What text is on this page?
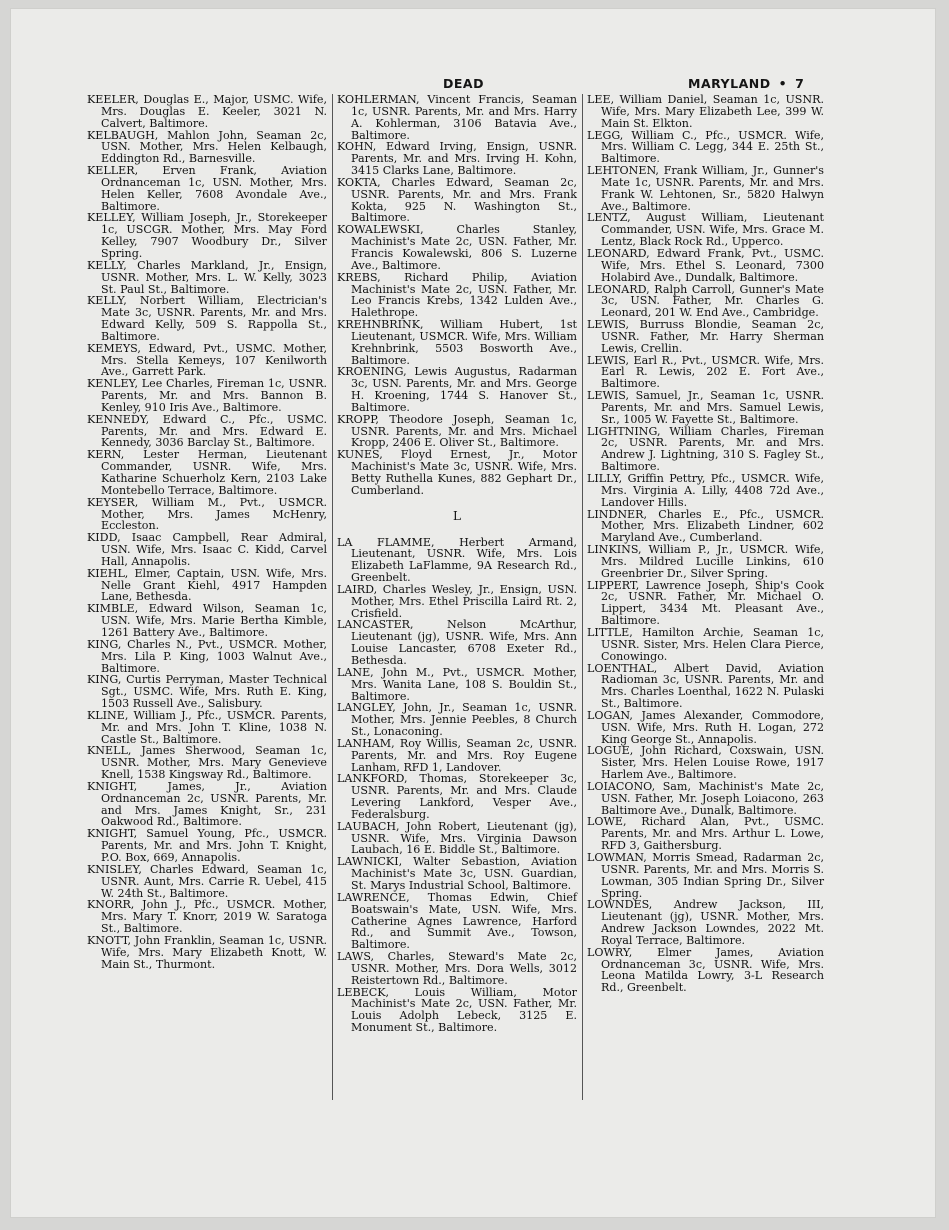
DEAD	MARYLAND • 7
KEELER, Douglas E., Major, USMC. Wife, Mrs. Douglas E. Keeler, 3021 N. Calvert, Baltimore.
KELBAUGH, Mahlon John, Seaman 2c, USN. Mother, Mrs. Helen Kelbaugh, Eddington Rd., Barnesville.
KELLER, Erven Frank, Aviation Ordnanceman 1c, USN. Mother, Mrs. Helen Keller, 7608 Avondale Ave., Baltimore.
KELLEY, William Joseph, Jr., Storekeeper 1c, USCGR. Mother, Mrs. May Ford Kelley, 7907 Woodbury Dr., Silver Spring.
KELLY, Charles Markland, Jr., Ensign, USNR. Mother, Mrs. L. W. Kelly, 3023 St. Paul St., Baltimore.
KELLY, Norbert William, Electrician's Mate 3c, USNR. Parents, Mr. and Mrs. Edward Kelly, 509 S. Rappolla St., Baltimore.
KEMEYS, Edward, Pvt., USMC. Mother, Mrs. Stella Kemeys, 107 Kenilworth Ave., Garrett Park.
KENLEY, Lee Charles, Fireman 1c, USNR. Parents, Mr. and Mrs. Bannon B. Kenley, 910 Iris Ave., Baltimore.
KENNEDY, Edward C., Pfc., USMC. Parents, Mr. and Mrs. Edward E. Kennedy, 3036 Barclay St., Baltimore.
KERN, Lester Herman, Lieutenant Commander, USNR. Wife, Mrs. Katharine Schuerholz Kern, 2103 Lake Montebello Terrace, Baltimore.
KEYSER, William M., Pvt., USMCR. Mother, Mrs. James McHenry, Eccleston.
KIDD, Isaac Campbell, Rear Admiral, USN. Wife, Mrs. Isaac C. Kidd, Carvel Hall, Annapolis.
KIEHL, Elmer, Captain, USN. Wife, Mrs. Nelle Grant Kiehl, 4917 Hampden Lane, Bethesda.
KIMBLE, Edward Wilson, Seaman 1c, USN. Wife, Mrs. Marie Bertha Kimble, 1261 Battery Ave., Baltimore.
KING, Charles N., Pvt., USMCR. Mother, Mrs. Lila P. King, 1003 Walnut Ave., Baltimore.
KING, Curtis Perryman, Master Technical Sgt., USMC. Wife, Mrs. Ruth E. King, 1503 Russell Ave., Salisbury.
KLINE, William J., Pfc., USMCR. Parents, Mr. and Mrs. John T. Kline, 1038 N. Castle St., Baltimore.
KNELL, James Sherwood, Seaman 1c, USNR. Mother, Mrs. Mary Genevieve Knell, 1538 Kingsway Rd., Baltimore.
KNIGHT, James, Jr., Aviation Ordnanceman 2c, USNR. Parents, Mr. and Mrs. James Knight, Sr., 231 Oakwood Rd., Baltimore.
KNIGHT, Samuel Young, Pfc., USMCR. Parents, Mr. and Mrs. John T. Knight, P.O. Box, 669, Annapolis.
KNISLEY, Charles Edward, Seaman 1c, USNR. Aunt, Mrs. Carrie R. Uebel, 415 W. 24th St., Baltimore.
KNORR, John J., Pfc., USMCR. Mother, Mrs. Mary T. Knorr, 2019 W. Saratoga St., Baltimore.
KNOTT, John Franklin, Seaman 1c, USNR. Wife, Mrs. Mary Elizabeth Knott, W. Main St., Thurmont.
KOHLERMAN, Vincent Francis, Seaman 1c, USNR. Parents, Mr. and Mrs. Harry A. Kohlerman, 3106 Batavia Ave., Baltimore.
KOHN, Edward Irving, Ensign, USNR. Parents, Mr. and Mrs. Irving H. Kohn, 3415 Clarks Lane, Baltimore.
KOKTA, Charles Edward, Seaman 2c, USNR. Parents, Mr. and Mrs. Frank Kokta, 925 N. Washington St., Baltimore.
KOWALEWSKI, Charles Stanley, Machinist's Mate 2c, USN. Father, Mr. Francis Kowalewski, 806 S. Luzerne Ave., Baltimore.
KREBS, Richard Philip, Aviation Machinist's Mate 2c, USN. Father, Mr. Leo Francis Krebs, 1342 Lulden Ave., Halethrope.
KREHNBRINK, William Hubert, 1st Lieutenant, USMCR. Wife, Mrs. William Krehnbrink, 5503 Bosworth Ave., Baltimore.
KROENING, Lewis Augustus, Radarman 3c, USN. Parents, Mr. and Mrs. George H. Kroening, 1744 S. Hanover St., Baltimore.
KROPP, Theodore Joseph, Seaman 1c, USNR. Parents, Mr. and Mrs. Michael Kropp, 2406 E. Oliver St., Baltimore.
KUNES, Floyd Ernest, Jr., Motor Machinist's Mate 3c, USNR. Wife, Mrs. Betty Ruthella Kunes, 882 Gephart Dr., Cumberland.
L
LA FLAMME, Herbert Armand, Lieutenant, USNR. Wife, Mrs. Lois Elizabeth LaFlamme, 9A Research Rd., Greenbelt.
LAIRD, Charles Wesley, Jr., Ensign, USN. Mother, Mrs. Ethel Priscilla Laird Rt. 2, Crisfield.
LANCASTER, Nelson McArthur, Lieutenant (jg), USNR. Wife, Mrs. Ann Louise Lancaster, 6708 Exeter Rd., Bethesda.
LANE, John M., Pvt., USMCR. Mother, Mrs. Wanita Lane, 108 S. Bouldin St., Baltimore.
LANGLEY, John, Jr., Seaman 1c, USNR. Mother, Mrs. Jennie Peebles, 8 Church St., Lonaconing.
LANHAM, Roy Willis, Seaman 2c, USNR. Parents, Mr. and Mrs. Roy Eugene Lanham, RFD 1, Landover.
LANKFORD, Thomas, Storekeeper 3c, USNR. Parents, Mr. and Mrs. Claude Levering Lankford, Vesper Ave., Federalsburg.
LAUBACH, John Robert, Lieutenant (jg), USNR. Wife, Mrs. Virginia Dawson Laubach, 16 E. Biddle St., Baltimore.
LAWNICKI, Walter Sebastion, Aviation Machinist's Mate 3c, USN. Guardian, St. Marys Industrial School, Baltimore.
LAWRENCE, Thomas Edwin, Chief Boatswain's Mate, USN. Wife, Mrs. Catherine Agnes Lawrence, Harford Rd., and Summit Ave., Towson, Baltimore.
LAWS, Charles, Steward's Mate 2c, USNR. Mother, Mrs. Dora Wells, 3012 Reistertown Rd., Baltimore.
LEBECK, Louis William, Motor Machinist's Mate 2c, USN. Father, Mr. Louis Adolph Lebeck, 3125 E. Monument St., Baltimore.
LEE, William Daniel, Seaman 1c, USNR. Wife, Mrs. Mary Elizabeth Lee, 399 W. Main St. Elkton.
LEGG, William C., Pfc., USMCR. Wife, Mrs. William C. Legg, 344 E. 25th St., Baltimore.
LEHTONEN, Frank William, Jr., Gunner's Mate 1c, USNR. Parents, Mr. and Mrs. Frank W. Lehtonen, Sr., 5820 Halwyn Ave., Baltimore.
LENTZ, August William, Lieutenant Commander, USN. Wife, Mrs. Grace M. Lentz, Black Rock Rd., Upperco.
LEONARD, Edward Frank, Pvt., USMC. Wife, Mrs. Ethel S. Leonard, 7300 Holabird Ave., Dundalk, Baltimore.
LEONARD, Ralph Carroll, Gunner's Mate 3c, USN. Father, Mr. Charles G. Leonard, 201 W. End Ave., Cambridge.
LEWIS, Burruss Blondie, Seaman 2c, USNR. Father, Mr. Harry Sherman Lewis, Crellin.
LEWIS, Earl R., Pvt., USMCR. Wife, Mrs. Earl R. Lewis, 202 E. Fort Ave., Baltimore.
LEWIS, Samuel, Jr., Seaman 1c, USNR. Parents, Mr. and Mrs. Samuel Lewis, Sr., 1005 W. Fayette St., Baltimore.
LIGHTNING, William Charles, Fireman 2c, USNR. Parents, Mr. and Mrs. Andrew J. Lightning, 310 S. Fagley St., Baltimore.
LILLY, Griffin Pettry, Pfc., USMCR. Wife, Mrs. Virginia A. Lilly, 4408 72d Ave., Landover Hills.
LINDNER, Charles E., Pfc., USMCR. Mother, Mrs. Elizabeth Lindner, 602 Maryland Ave., Cumberland.
LINKINS, William P., Jr., USMCR. Wife, Mrs. Mildred Lucille Linkins, 610 Greenbrier Dr., Silver Spring.
LIPPERT, Lawrence Joseph, Ship's Cook 2c, USNR. Father, Mr. Michael O. Lippert, 3434 Mt. Pleasant Ave., Baltimore.
LITTLE, Hamilton Archie, Seaman 1c, USNR. Sister, Mrs. Helen Clara Pierce, Conowingo.
LOENTHAL, Albert David, Aviation Radioman 3c, USNR. Parents, Mr. and Mrs. Charles Loenthal, 1622 N. Pulaski St., Baltimore.
LOGAN, James Alexander, Commodore, USN. Wife, Mrs. Ruth H. Logan, 272 King George St., Annapolis.
LOGUE, John Richard, Coxswain, USN. Sister, Mrs. Helen Louise Rowe, 1917 Harlem Ave., Baltimore.
LOIACONO, Sam, Machinist's Mate 2c, USN. Father, Mr. Joseph Loiacono, 263 Baltimore Ave., Dunalk, Baltimore.
LOWE, Richard Alan, Pvt., USMC. Parents, Mr. and Mrs. Arthur L. Lowe, RFD 3, Gaithersburg.
LOWMAN, Morris Smead, Radarman 2c, USNR. Parents, Mr. and Mrs. Morris S. Lowman, 305 Indian Spring Dr., Silver Spring.
LOWNDES, Andrew Jackson, III, Lieutenant (jg), USNR. Mother, Mrs. Andrew Jackson Lowndes, 2022 Mt. Royal Terrace, Baltimore.
LOWRY, Elmer James, Aviation Ordnanceman 3c, USNR. Wife, Mrs. Leona Matilda Lowry, 3-L Research Rd., Greenbelt.
